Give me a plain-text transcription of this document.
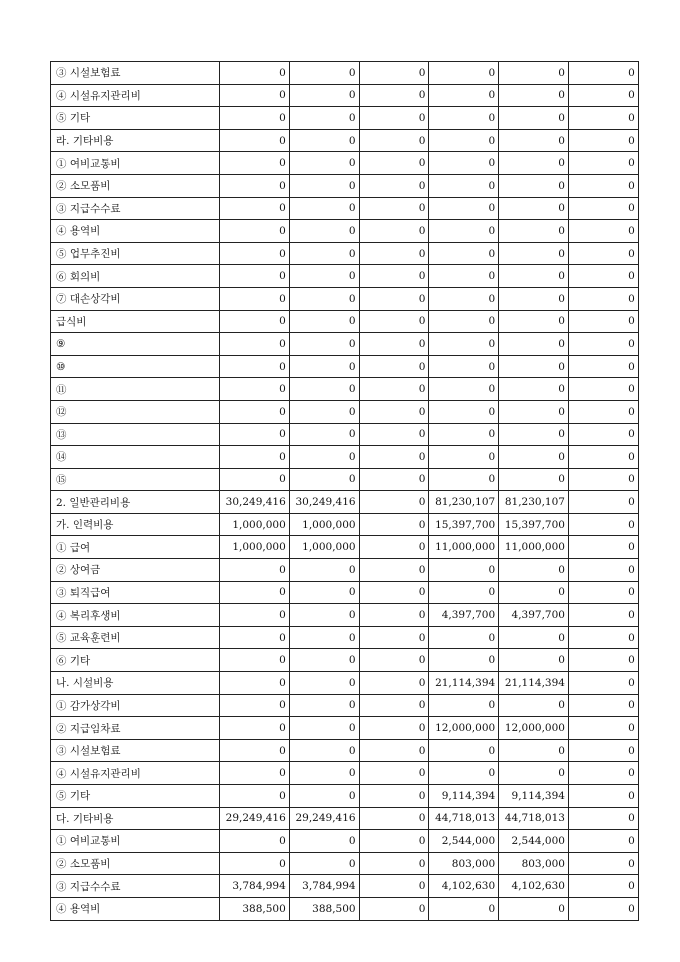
③ 시설보험료	0	0	0	0	0	0
④ 시설유지관리비	0	0	0	0	0	0
⑤ 기타	0	0	0	0	0	0
라. 기타비용	0	0	0	0	0	0
① 여비교통비	0	0	0	0	0	0
② 소모품비	0	0	0	0	0	0
③ 지급수수료	0	0	0	0	0	0
④ 용역비	0	0	0	0	0	0
⑤ 업무추진비	0	0	0	0	0	0
⑥ 회의비	0	0	0	0	0	0
⑦ 대손상각비	0	0	0	0	0	0
급식비	0	0	0	0	0	0
⑨	0	0	0	0	0	0
⑩	0	0	0	0	0	0
⑪	0	0	0	0	0	0
⑫	0	0	0	0	0	0
⑬	0	0	0	0	0	0
⑭	0	0	0	0	0	0
⑮	0	0	0	0	0	0
2. 일반관리비용	30,249,416	30,249,416	0	81,230,107	81,230,107	0
가. 인력비용	1,000,000	1,000,000	0	15,397,700	15,397,700	0
① 급여	1,000,000	1,000,000	0	11,000,000	11,000,000	0
② 상여금	0	0	0	0	0	0
③ 퇴직급여	0	0	0	0	0	0
④ 복리후생비	0	0	0	4,397,700	4,397,700	0
⑤ 교육훈련비	0	0	0	0	0	0
⑥ 기타	0	0	0	0	0	0
나. 시설비용	0	0	0	21,114,394	21,114,394	0
① 감가상각비	0	0	0	0	0	0
② 지급임차료	0	0	0	12,000,000	12,000,000	0
③ 시설보험료	0	0	0	0	0	0
④ 시설유지관리비	0	0	0	0	0	0
⑤ 기타	0	0	0	9,114,394	9,114,394	0
다. 기타비용	29,249,416	29,249,416	0	44,718,013	44,718,013	0
① 여비교통비	0	0	0	2,544,000	2,544,000	0
② 소모품비	0	0	0	803,000	803,000	0
③ 지급수수료	3,784,994	3,784,994	0	4,102,630	4,102,630	0
④ 용역비	388,500	388,500	0	0	0	0
